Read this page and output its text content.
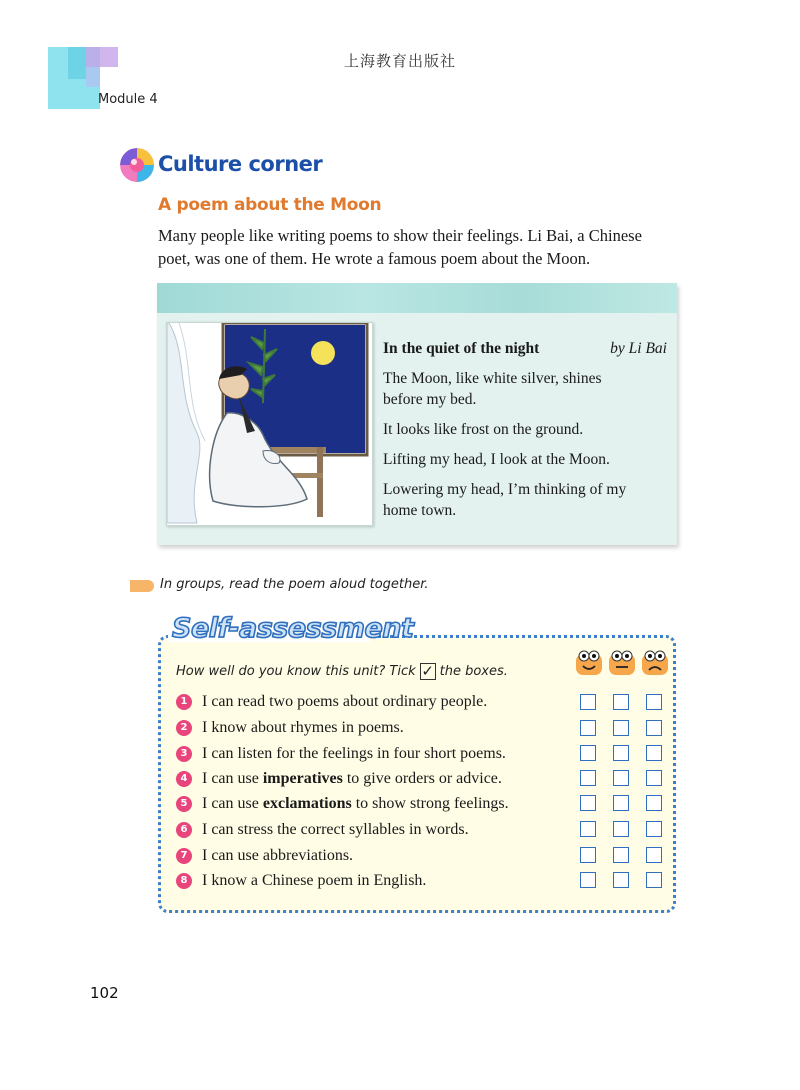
上海教育出版社
Module 4
Culture corner
A poem about the Moon
Many people like writing poems to show their feelings. Li Bai, a Chinese
poet, was one of them. He wrote a famous poem about the Moon.
In the quiet of the night	by Li Bai
The Moon, like white silver, shines
before my bed.
It looks like frost on the ground.
Lifting my head, I look at the Moon.
Lowering my head, I’m thinking of my
home town.
In groups, read the poem aloud together.
Self-assessment
How well do you know this unit? Tick ✓ the boxes.
1 I can read two poems about ordinary people.
2 I know about rhymes in poems.
3 I can listen for the feelings in four short poems.
4 I can use imperatives to give orders or advice.
5 I can use exclamations to show strong feelings.
6 I can stress the correct syllables in words.
7 I can use abbreviations.
8 I know a Chinese poem in English.
102
